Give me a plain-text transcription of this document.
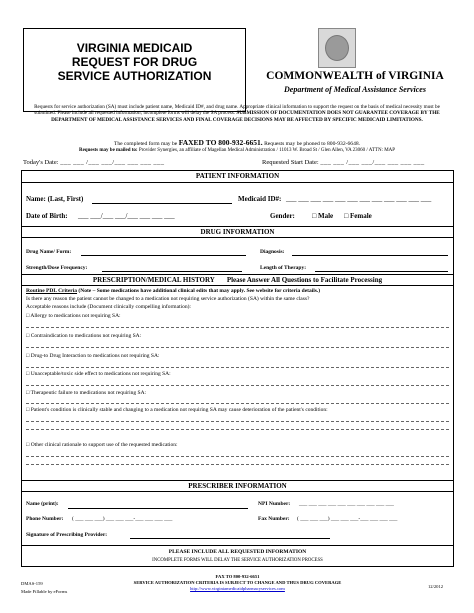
VIRGINIA MEDICAID
REQUEST FOR DRUG
SERVICE AUTHORIZATION	COMMONWEALTH of VIRGINIA
Department of Medical Assistance Services
Requests for service authorization (SA) must include patient name, Medicaid ID#, and drug name. Appropriate clinical information to support the request on the basis of medical necessity must be submitted. Please include all requested information; incomplete forms will delay the SA process. SUBMISSION OF DOCUMENTATION DOES NOT GUARANTEE COVERAGE BY THE DEPARTMENT OF MEDICAL ASSISTANCE SERVICES AND FINAL COVERAGE DECISIONS MAY BE AFFECTED BY SPECIFIC MEDICAID LIMITATIONS.
The completed form may be FAXED TO 800-932-6651. Requests may be phoned to 800-932-6648.
Requests may be mailed to: Provider Synergies, an affiliate of Magellan Medical Administration / 11013 W. Broad St / Glen Allen, VA 23060 / ATTN: MAP
Today's Date: ___ ___ /___ ___/___ ___ ___ ___	Requested Start Date: ___ ___ /___ ___/___ ___ ___ ___
PATIENT INFORMATION
Name: (Last, First)	Medicaid ID#: ___ ___ ___ ___ ___ ___ ___ ___ ___ ___ ___ ___
Date of Birth: ___ ___/___ ___/___ ___ ___ ___	Gender: □ Male □ Female
DRUG INFORMATION
Drug Name/ Form:	Diagnosis:
Strength/Dose Frequency:	Length of Therapy:
PRESCRIPTION/MEDICAL HISTORY Please Answer All Questions to Facilitate Processing
Routine PDL Criteria (Note – Some medications have additional clinical edits that may apply. See website for criteria details.)
Is there any reason the patient cannot be changed to a medication not requiring service authorization (SA) within the same class?
Acceptable reasons include (Document clinically compelling information):
□ Allergy to medications not requiring SA:
□ Contraindication to medications not requiring SA:
□ Drug-to Drug Interaction to medications not requiring SA:
□ Unacceptable/toxic side effect to medications not requiring SA:
□ Therapeutic failure to medications not requiring SA:
□ Patient's condition is clinically stable and changing to a medication not requiring SA may cause deterioration of the patient's condition:
□ Other clinical rationale to support use of the requested medication:
PRESCRIBER INFORMATION
Name (print):	NPI Number: ___ ___ ___ ___ ___ ___ ___ ___ ___ ___
Phone Number: ( ___ ___ ___) ___ ___ ___-___ ___ ___ ___	Fax Number: ( ___ ___ ___) ___ ___ ___-___ ___ ___ ___
Signature of Prescribing Provider:
PLEASE INCLUDE ALL REQUESTED INFORMATION
INCOMPLETE FORMS WILL DELAY THE SERVICE AUTHORIZATION PROCESS
FAX TO 800-932-6651
SERVICE AUTHORIZATION CRITERIA IS SUBJECT TO CHANGE AND THUS DRUG COVERAGE
http://www.virginiamedicaidpharmacyservices.com
DMAS-159
Made Fillable by eForms
12/2012
